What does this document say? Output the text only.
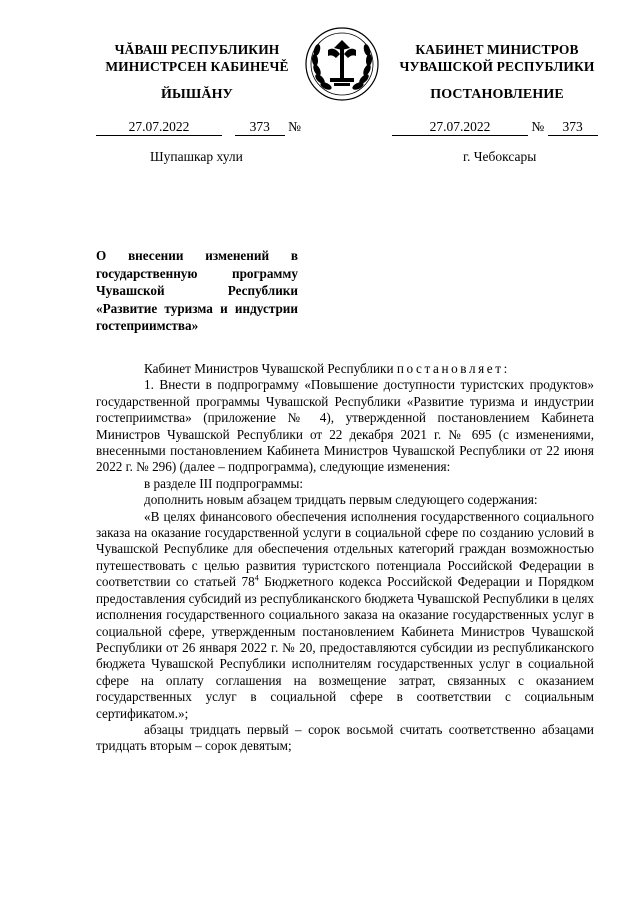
ЧĂВАШ РЕСПУБЛИКИН
МИНИСТРСЕН КАБИНЕЧĚ
ЙЫШĂНУ
КАБИНЕТ МИНИСТРОВ
ЧУВАШСКОЙ РЕСПУБЛИКИ
ПОСТАНОВЛЕНИЕ
27.07.2022	373 №	27.07.2022	№ 373
Шупашкар хули	г. Чебоксары
О внесении изменений в государственную программу Чувашской Республики «Развитие туризма и индустрии гостеприимства»

Кабинет Министров Чувашской Республики постановляет:

1. Внести в подпрограмму «Повышение доступности туристских продуктов» государственной программы Чувашской Республики «Развитие туризма и индустрии гостеприимства» (приложение № 4), утвержденной постановлением Кабинета Министров Чувашской Республики от 22 декабря 2021 г. № 695 (с изменениями, внесенными постановлением Кабинета Министров Чувашской Республики от 22 июня 2022 г. № 296) (далее – подпрограмма), следующие изменения:

в разделе III подпрограммы:

дополнить новым абзацем тридцать первым следующего содержания:

«В целях финансового обеспечения исполнения государственного социального заказа на оказание государственной услуги в социальной сфере по созданию условий в Чувашской Республике для обеспечения отдельных категорий граждан возможностью путешествовать с целью развития туристского потенциала Российской Федерации в соответствии со статьей $78^4$ Бюджетного кодекса Российской Федерации и Порядком предоставления субсидий из республиканского бюджета Чувашской Республики в целях исполнения государственного социального заказа на оказание государственных услуг в социальной сфере, утвержденным постановлением Кабинета Министров Чувашской Республики от 26 января 2022 г. № 20, предоставляются субсидии из республиканского бюджета Чувашской Республики исполнителям государственных услуг в социальной сфере на оплату соглашения на возмещение затрат, связанных с оказанием государственных услуг в социальной сфере в соответствии с социальным сертификатом.»;

абзацы тридцать первый – сорок восьмой считать соответственно абзацами тридцать вторым – сорок девятым;
